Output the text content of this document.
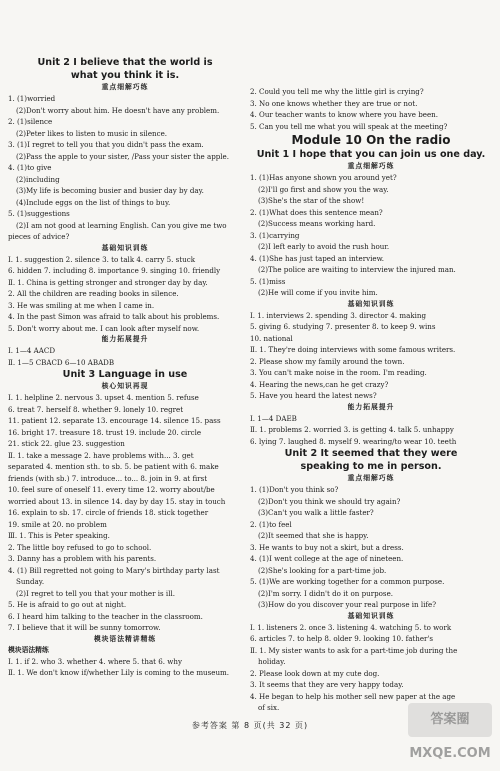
Unit 2 I believe that the world is
what you think it is.
重点细解巧练
1. (1)worried
(2)Don't worry about him. He doesn't have any problem.
2. (1)silence
(2)Peter likes to listen to music in silence.
3. (1)I regret to tell you that you didn't pass the exam.
(2)Pass the apple to your sister, /Pass your sister the apple.
4. (1)to give
(2)including
(3)My life is becoming busier and busier day by day.
(4)Include eggs on the list of things to buy.
5. (1)suggestions
(2)I am not good at learning English. Can you give me two
pieces of advice?
基础知识训练
Ⅰ. 1. suggestion 2. silence 3. to talk 4. carry 5. stuck
6. hidden 7. including 8. importance 9. singing 10. friendly
Ⅱ. 1. China is getting stronger and stronger day by day.
2. All the children are reading books in silence.
3. He was smiling at me when I came in.
4. In the past Simon was afraid to talk about his problems.
5. Don't worry about me. I can look after myself now.
能力拓展提升
Ⅰ. 1—4 AACD
Ⅱ. 1—5 CBACD 6—10 ABADB
Unit 3 Language in use
核心知识再现
Ⅰ. 1. helpline 2. nervous 3. upset 4. mention 5. refuse
6. treat 7. herself 8. whether 9. lonely 10. regret
11. patient 12. separate 13. encourage 14. silence 15. pass
16. bright 17. treasure 18. trust 19. include 20. circle
21. stick 22. glue 23. suggestion
Ⅱ. 1. take a message 2. have problems with... 3. get
separated 4. mention sth. to sb. 5. be patient with 6. make
friends (with sb.) 7. introduce... to... 8. join in 9. at first
10. feel sure of oneself 11. every time 12. worry about/be
worried about 13. in silence 14. day by day 15. stay in touch
16. explain to sb. 17. circle of friends 18. stick together
19. smile at 20. no problem
Ⅲ. 1. This is Peter speaking.
2. The little boy refused to go to school.
3. Danny has a problem with his parents.
4. (1) Bill regretted not going to Mary's birthday party last
Sunday.
(2)I regret to tell you that your mother is ill.
5. He is afraid to go out at night.
6. I heard him talking to the teacher in the classroom.
7. I believe that it will be sunny tomorrow.
模块语法精讲精练
模块语法精练
Ⅰ. 1. if 2. who 3. whether 4. where 5. that 6. why
Ⅱ. 1. We don't know if/whether Lily is coming to the museum.
2. Could you tell me why the little girl is crying?
3. No one knows whether they are true or not.
4. Our teacher wants to know where you have been.
5. Can you tell me what you will speak at the meeting?
Module 10 On the radio
Unit 1 I hope that you can join us one day.
重点细解巧练
1. (1)Has anyone shown you around yet?
(2)I'll go first and show you the way.
(3)She's the star of the show!
2. (1)What does this sentence mean?
(2)Success means working hard.
3. (1)carrying
(2)I left early to avoid the rush hour.
4. (1)She has just taped an interview.
(2)The police are waiting to interview the injured man.
5. (1)miss
(2)He will come if you invite him.
基础知识训练
Ⅰ. 1. interviews 2. spending 3. director 4. making
5. giving 6. studying 7. presenter 8. to keep 9. wins
10. national
Ⅱ. 1. They're doing interviews with some famous writers.
2. Please show my family around the town.
3. You can't make noise in the room. I'm reading.
4. Hearing the news,can he get crazy?
5. Have you heard the latest news?
能力拓展提升
Ⅰ. 1—4 DAEB
Ⅱ. 1. problems 2. worried 3. is getting 4. talk 5. unhappy
6. lying 7. laughed 8. myself 9. wearing/to wear 10. teeth
Unit 2 It seemed that they were
speaking to me in person.
重点细解巧练
1. (1)Don't you think so?
(2)Don't you think we should try again?
(3)Can't you walk a little faster?
2. (1)to feel
(2)It seemed that she is happy.
3. He wants to buy not a skirt, but a dress.
4. (1)I went college at the age of nineteen.
(2)She's looking for a part-time job.
5. (1)We are working together for a common purpose.
(2)I'm sorry. I didn't do it on purpose.
(3)How do you discover your real purpose in life?
基础知识训练
Ⅰ. 1. listeners 2. once 3. listening 4. watching 5. to work
6. articles 7. to help 8. older 9. looking 10. father's
Ⅱ. 1. My sister wants to ask for a part-time job during the
holiday.
2. Please look down at my cute dog.
3. It seems that they are very happy today.
4. He began to help his mother sell new paper at the age
of six.
参考答案 第 8 页(共 32 页)	答案圈 MXQE.COM
